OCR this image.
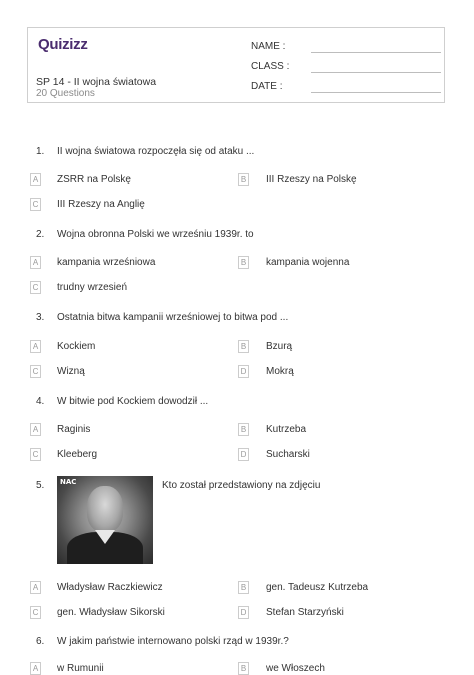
Quizizz
SP 14 - II wojna światowa
20 Questions
NAME :
CLASS :
DATE :
1. II wojna światowa rozpoczęła się od ataku ...
A ZSRR na Polskę	B III Rzeszy na Polskę
C III Rzeszy na Anglię
2. Wojna obronna Polski we wrześniu 1939r. to
A kampania wrześniowa	B kampania wojenna
C trudny wrzesień
3. Ostatnia bitwa kampanii wrześniowej to bitwa pod ...
A Kockiem	B Bzurą
C Wizną	D Mokrą
4. W bitwie pod Kockiem dowodził ...
A Raginis	B Kutrzeba
C Kleeberg	D Sucharski
5. NAC	Kto został przedstawiony na zdjęciu
A Władysław Raczkiewicz	B gen. Tadeusz Kutrzeba
C gen. Władysław Sikorski	D Stefan Starzyński
6. W jakim państwie internowano polski rząd w 1939r.?
A w Rumunii	B we Włoszech
